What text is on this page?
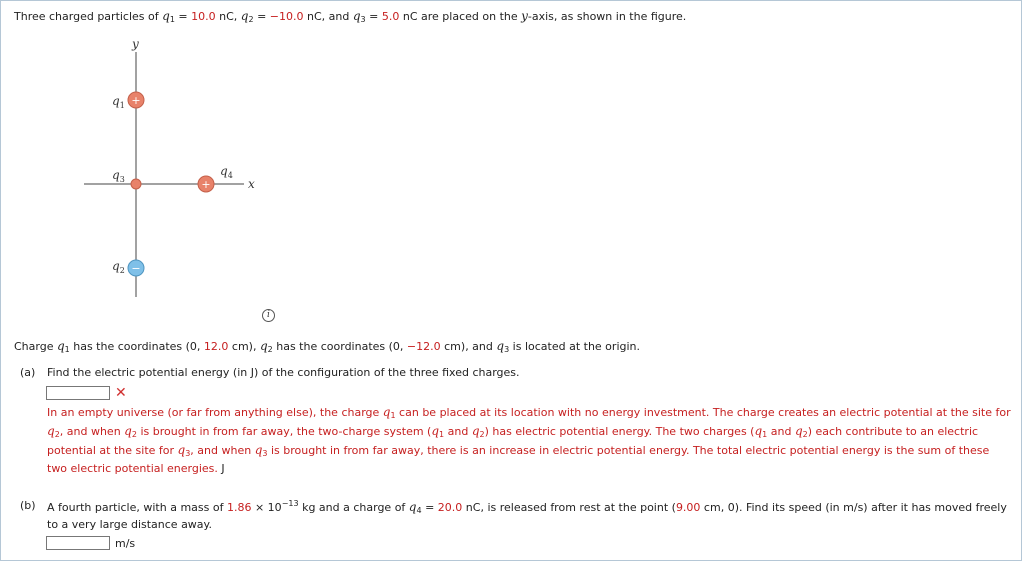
Three charged particles of $q_1 = 10.0$ nC, $q_2 = -10.0$ nC, and $q_3 = 5.0$ nC are placed on the y-axis, as shown in the figure.
y
x
+
$q_1$
$q_3$	+
$q_4$
−
$q_2$
i
Charge $q_1$ has the coordinates (0, 12.0 cm), $q_2$ has the coordinates (0, −12.0 cm), and $q_3$ is located at the origin.
(a) Find the electric potential energy (in J) of the configuration of the three fixed charges.
✕
In an empty universe (or far from anything else), the charge $q_1$ can be placed at its location with no energy investment. The charge creates an electric potential at the site for $q_2$, and when $q_2$ is brought in from far away, the two-charge system ($q_1$ and $q_2$) has electric potential energy. The two charges ($q_1$ and $q_2$) each contribute to an electric potential at the site for $q_3$, and when $q_3$ is brought in from far away, there is an increase in electric potential energy. The total electric potential energy is the sum of these two electric potential energies. J
(b) A fourth particle, with a mass of $1.86 \times 10^{-13}$ kg and a charge of $q_4 = 20.0$ nC, is released from rest at the point (9.00 cm, 0). Find its speed (in m/s) after it has moved freely to a very large distance away.
m/s
